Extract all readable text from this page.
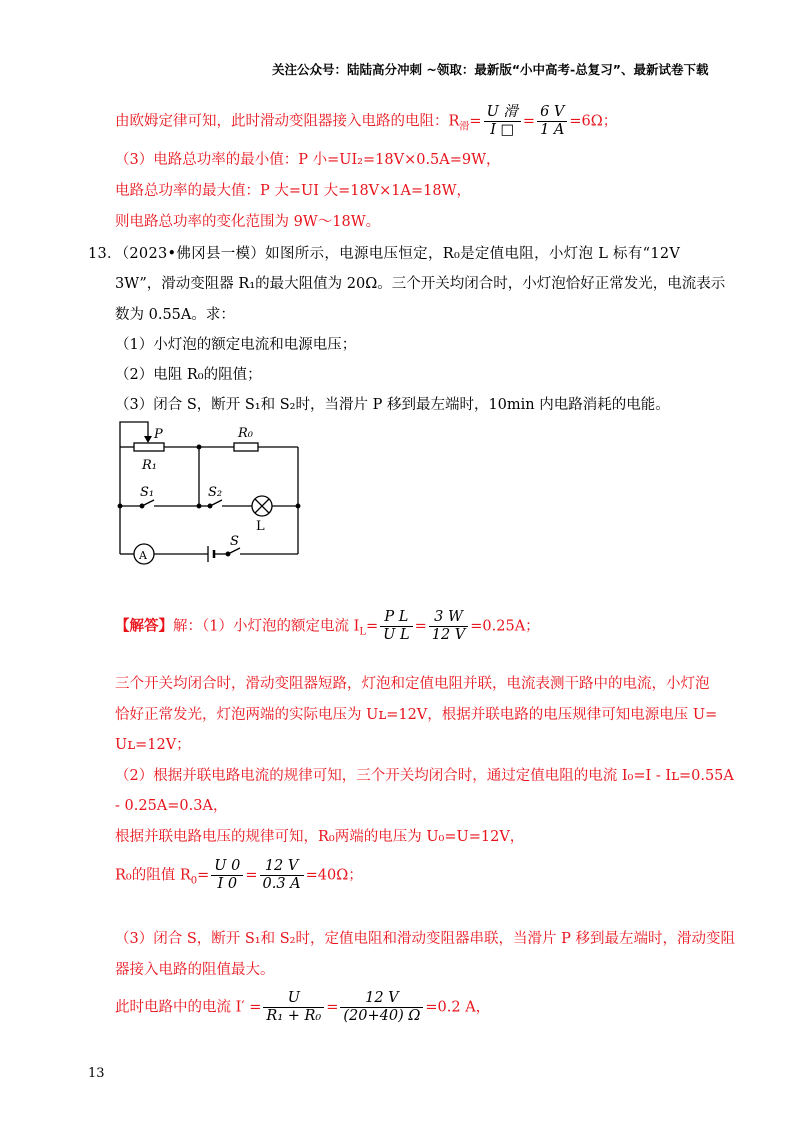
关注公众号：陆陆高分冲刺 ~领取：最新版“小中高考-总复习”、最新试卷下载
由欧姆定律可知，此时滑动变阻器接入电路的电阻：$R_滑= \frac{\text{U 滑}}{I □} = \frac{6 V}{1 A} =6\Omega$；
（3）电路总功率的最小值：P 小=UI₂=18V×0.5A=9W，
电路总功率的最大值：P 大=UI 大=18V×1A=18W，
则电路总功率的变化范围为 9W～18W。
13．（2023•佛冈县一模）如图所示，电源电压恒定，R₀是定值电阻，小灯泡 L 标有“12V
3W”，滑动变阻器 R₁的最大阻值为 20Ω。三个开关均闭合时，小灯泡恰好正常发光，电流表示
数为 0.55A。求：
（1）小灯泡的额定电流和电源电压；
（2）电阻 R₀的阻值；
（3）闭合 S，断开 S₁和 S₂时，当滑片 P 移到最左端时，10min 内电路消耗的电能。
P
R₁
R₀
S₁	S₂
L
S
A
【解答】解：（1）小灯泡的额定电流 $I_L= \frac{\text{P L}}{\text{U L}} = \frac{3 W}{12 V} =0.25A$；
三个开关均闭合时，滑动变阻器短路，灯泡和定值电阻并联，电流表测干路中的电流，小灯泡
恰好正常发光，灯泡两端的实际电压为 Uʟ=12V，根据并联电路的电压规律可知电源电压 U=
Uʟ=12V；
（2）根据并联电路电流的规律可知，三个开关均闭合时，通过定值电阻的电流 I₀=I - Iʟ=0.55A
- 0.25A=0.3A，
根据并联电路电压的规律可知，R₀两端的电压为 U₀=U=12V，
R₀的阻值 $R_0= \frac{U 0}{I 0} = \frac{12 V}{0.3 A} =40\Omega$；
（3）闭合 S，断开 S₁和 S₂时，定值电阻和滑动变阻器串联，当滑片 P 移到最左端时，滑动变阻
器接入电路的阻值最大。
此时电路中的电流 $I' = \frac{U}{\text{R₁ + R₀}} = \frac{12 V}{(20+40) \Omega} =0.2$ A，
13
